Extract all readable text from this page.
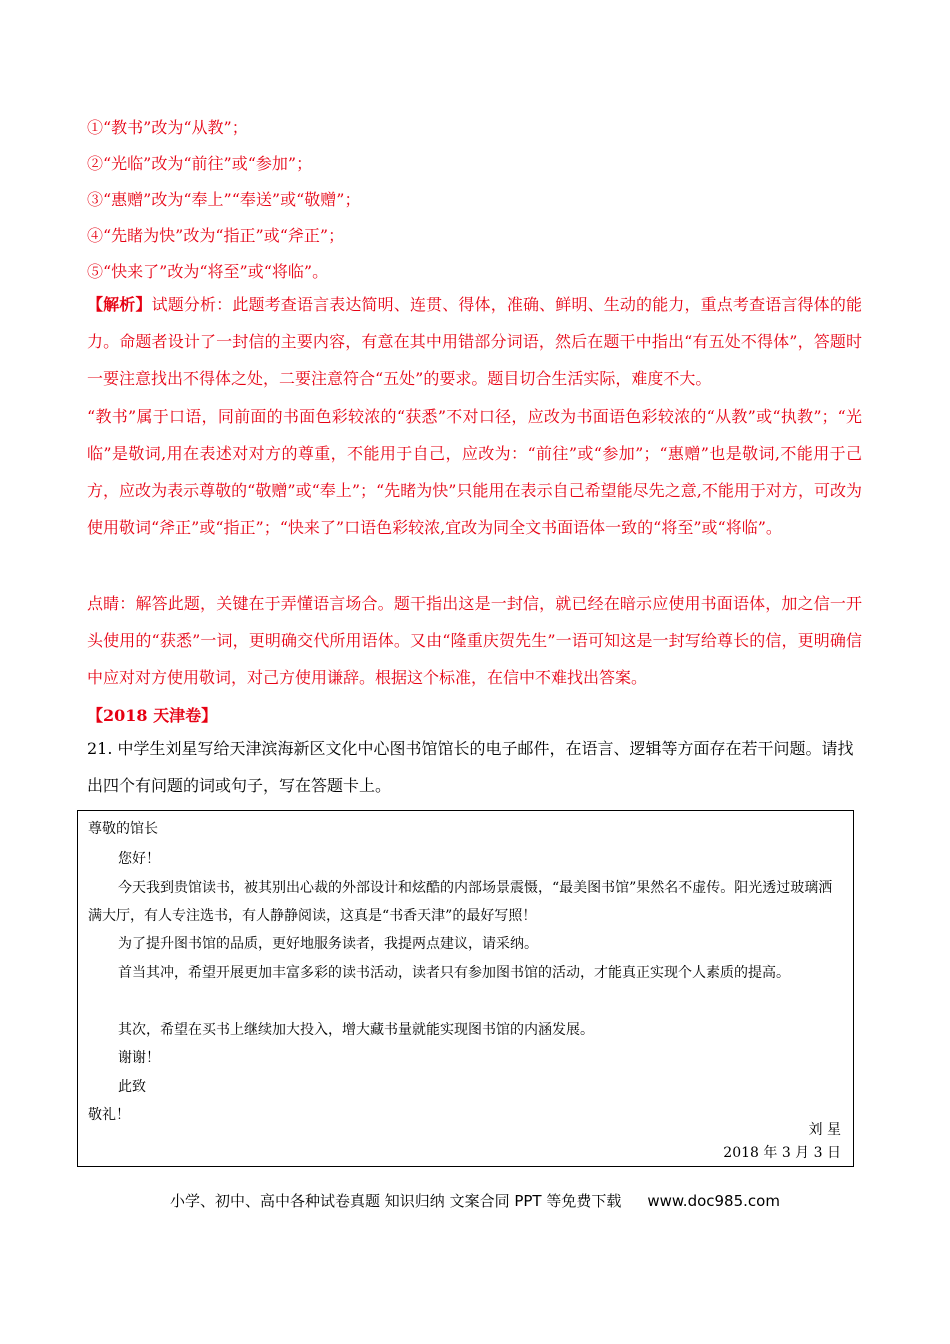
①“教书”改为“从教”；
②“光临”改为“前往”或“参加”；
③“惠赠”改为“奉上”“奉送”或“敬赠”；
④“先睹为快”改为“指正”或“斧正”；
⑤“快来了”改为“将至”或“将临”。
【解析】试题分析：此题考查语言表达简明、连贯、得体，准确、鲜明、生动的能力，重点考查语言得体的能力。命题者设计了一封信的主要内容，有意在其中用错部分词语，然后在题干中指出“有五处不得体”，答题时一要注意找出不得体之处，二要注意符合“五处”的要求。题目切合生活实际，难度不大。
“教书”属于口语，同前面的书面色彩较浓的“获悉”不对口径，应改为书面语色彩较浓的“从教”或“执教”；“光临”是敬词,用在表述对对方的尊重，不能用于自己，应改为：“前往”或“参加”；“惠赠”也是敬词,不能用于己方，应改为表示尊敬的“敬赠”或“奉上”；“先睹为快”只能用在表示自己希望能尽先之意,不能用于对方，可改为使用敬词“斧正”或“指正”；“快来了”口语色彩较浓,宜改为同全文书面语体一致的“将至”或“将临”。
点睛：解答此题，关键在于弄懂语言场合。题干指出这是一封信，就已经在暗示应使用书面语体，加之信一开头使用的“获悉”一词，更明确交代所用语体。又由“隆重庆贺先生”一语可知这是一封写给尊长的信，更明确信中应对对方使用敬词，对己方使用谦辞。根据这个标准，在信中不难找出答案。
【2018 天津卷】
21. 中学生刘星写给天津滨海新区文化中心图书馆馆长的电子邮件，在语言、逻辑等方面存在若干问题。请找出四个有问题的词或句子，写在答题卡上。
尊敬的馆长
您好！
今天我到贵馆读书，被其别出心裁的外部设计和炫酷的内部场景震慑，“最美图书馆”果然名不虚传。阳光透过玻璃洒满大厅，有人专注选书，有人静静阅读，这真是“书香天津”的最好写照！
为了提升图书馆的品质，更好地服务读者，我提两点建议，请采纳。
首当其冲，希望开展更加丰富多彩的读书活动，读者只有参加图书馆的活动，才能真正实现个人素质的提高。
其次，希望在买书上继续加大投入，增大藏书量就能实现图书馆的内涵发展。
谢谢！
此致
敬礼！
刘 星
2018 年 3 月 3 日
小学、初中、高中各种试卷真题 知识归纳 文案合同 PPT 等免费下载 www.doc985.com
